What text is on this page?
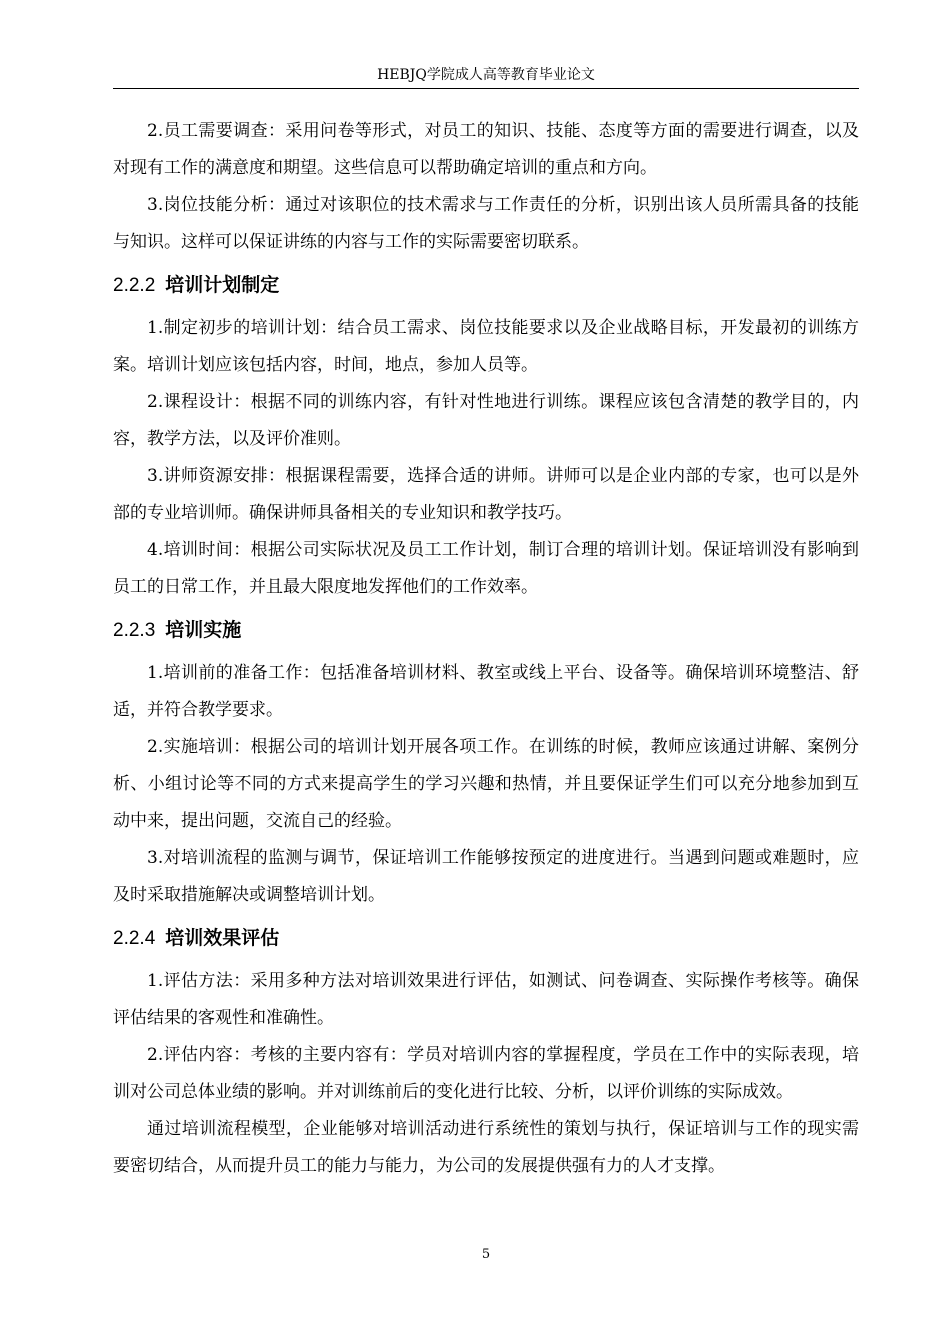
HEBJQ学院成人高等教育毕业论文

2.员工需要调查：采用问卷等形式，对员工的知识、技能、态度等方面的需要进行调查，以及对现有工作的满意度和期望。这些信息可以帮助确定培训的重点和方向。

3.岗位技能分析：通过对该职位的技术需求与工作责任的分析，识别出该人员所需具备的技能与知识。这样可以保证讲练的内容与工作的实际需要密切联系。

2.2.2 培训计划制定

1.制定初步的培训计划：结合员工需求、岗位技能要求以及企业战略目标，开发最初的训练方案。培训计划应该包括内容，时间，地点，参加人员等。

2.课程设计：根据不同的训练内容，有针对性地进行训练。课程应该包含清楚的教学目的，内容，教学方法，以及评价准则。

3.讲师资源安排：根据课程需要，选择合适的讲师。讲师可以是企业内部的专家，也可以是外部的专业培训师。确保讲师具备相关的专业知识和教学技巧。

4.培训时间：根据公司实际状况及员工工作计划，制订合理的培训计划。保证培训没有影响到员工的日常工作，并且最大限度地发挥他们的工作效率。

2.2.3 培训实施

1.培训前的准备工作：包括准备培训材料、教室或线上平台、设备等。确保培训环境整洁、舒适，并符合教学要求。

2.实施培训：根据公司的培训计划开展各项工作。在训练的时候，教师应该通过讲解、案例分析、小组讨论等不同的方式来提高学生的学习兴趣和热情，并且要保证学生们可以充分地参加到互动中来，提出问题，交流自己的经验。

3.对培训流程的监测与调节，保证培训工作能够按预定的进度进行。当遇到问题或难题时，应及时采取措施解决或调整培训计划。

2.2.4 培训效果评估

1.评估方法：采用多种方法对培训效果进行评估，如测试、问卷调查、实际操作考核等。确保评估结果的客观性和准确性。

2.评估内容：考核的主要内容有：学员对培训内容的掌握程度，学员在工作中的实际表现，培训对公司总体业绩的影响。并对训练前后的变化进行比较、分析，以评价训练的实际成效。

通过培训流程模型，企业能够对培训活动进行系统性的策划与执行，保证培训与工作的现实需要密切结合，从而提升员工的能力与能力，为公司的发展提供强有力的人才支撑。

5
